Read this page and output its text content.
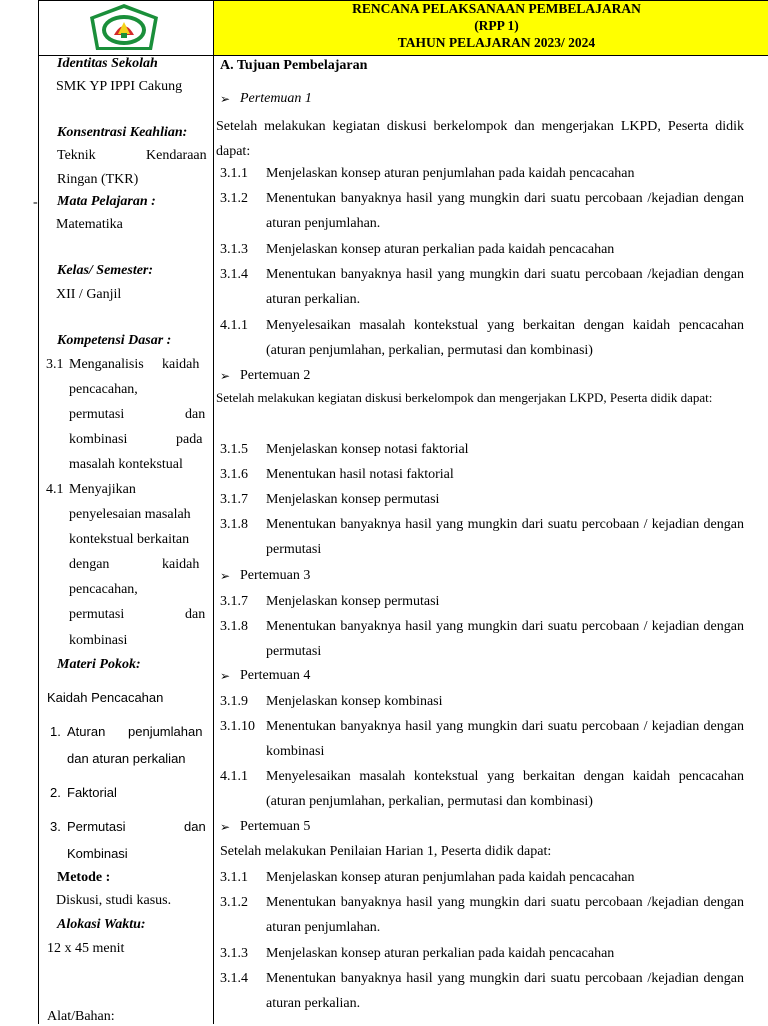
RENCANA PELAKSANAAN PEMBELAJARAN
(RPP 1)
TAHUN PELAJARAN 2023/ 2024
Identitas Sekolah
SMK YP IPPI Cakung
Konsentrasi Keahlian:
Teknik	Kendaraan
Ringan (TKR)
- Mata Pelajaran :
Matematika
Kelas/ Semester:
XII / Ganjil
Kompetensi Dasar :
3.1 Menganalisis kaidah
pencacahan,
permutasi	dan
kombinasi	pada
masalah kontekstual
4.1 Menyajikan
penyelesaian masalah
kontekstual berkaitan
dengan	kaidah
pencacahan,
permutasi	dan
kombinasi
Materi Pokok:
Kaidah Pencacahan
1. Aturan penjumlahan
dan aturan perkalian
2. Faktorial
3. Permutasi	dan
Kombinasi
Metode :
Diskusi, studi kasus.
Alokasi Waktu:
12 x 45 menit
Alat/Bahan:
A. Tujuan Pembelajaran
➢ Pertemuan 1
Setelah melakukan kegiatan diskusi berkelompok dan mengerjakan LKPD, Peserta didik dapat:
3.1.1 Menjelaskan konsep aturan penjumlahan pada kaidah pencacahan
3.1.2 Menentukan banyaknya hasil yang mungkin dari suatu percobaan /kejadian dengan aturan penjumlahan.
3.1.3 Menjelaskan konsep aturan perkalian pada kaidah pencacahan
3.1.4 Menentukan banyaknya hasil yang mungkin dari suatu percobaan /kejadian dengan aturan perkalian.
4.1.1 Menyelesaikan masalah kontekstual yang berkaitan dengan kaidah pencacahan (aturan penjumlahan, perkalian, permutasi dan kombinasi)
➢ Pertemuan 2
Setelah melakukan kegiatan diskusi berkelompok dan mengerjakan LKPD, Peserta didik dapat:
3.1.5 Menjelaskan konsep notasi faktorial
3.1.6 Menentukan hasil notasi faktorial
3.1.7 Menjelaskan konsep permutasi
3.1.8 Menentukan banyaknya hasil yang mungkin dari suatu percobaan / kejadian dengan permutasi
➢ Pertemuan 3
3.1.7 Menjelaskan konsep permutasi
3.1.8 Menentukan banyaknya hasil yang mungkin dari suatu percobaan / kejadian dengan permutasi
➢ Pertemuan 4
3.1.9 Menjelaskan konsep kombinasi
3.1.10 Menentukan banyaknya hasil yang mungkin dari suatu percobaan / kejadian dengan kombinasi
4.1.1 Menyelesaikan masalah kontekstual yang berkaitan dengan kaidah pencacahan (aturan penjumlahan, perkalian, permutasi dan kombinasi)
➢ Pertemuan 5
Setelah melakukan Penilaian Harian 1, Peserta didik dapat:
3.1.1 Menjelaskan konsep aturan penjumlahan pada kaidah pencacahan
3.1.2 Menentukan banyaknya hasil yang mungkin dari suatu percobaan /kejadian dengan aturan penjumlahan.
3.1.3 Menjelaskan konsep aturan perkalian pada kaidah pencacahan
3.1.4 Menentukan banyaknya hasil yang mungkin dari suatu percobaan /kejadian dengan aturan perkalian.
